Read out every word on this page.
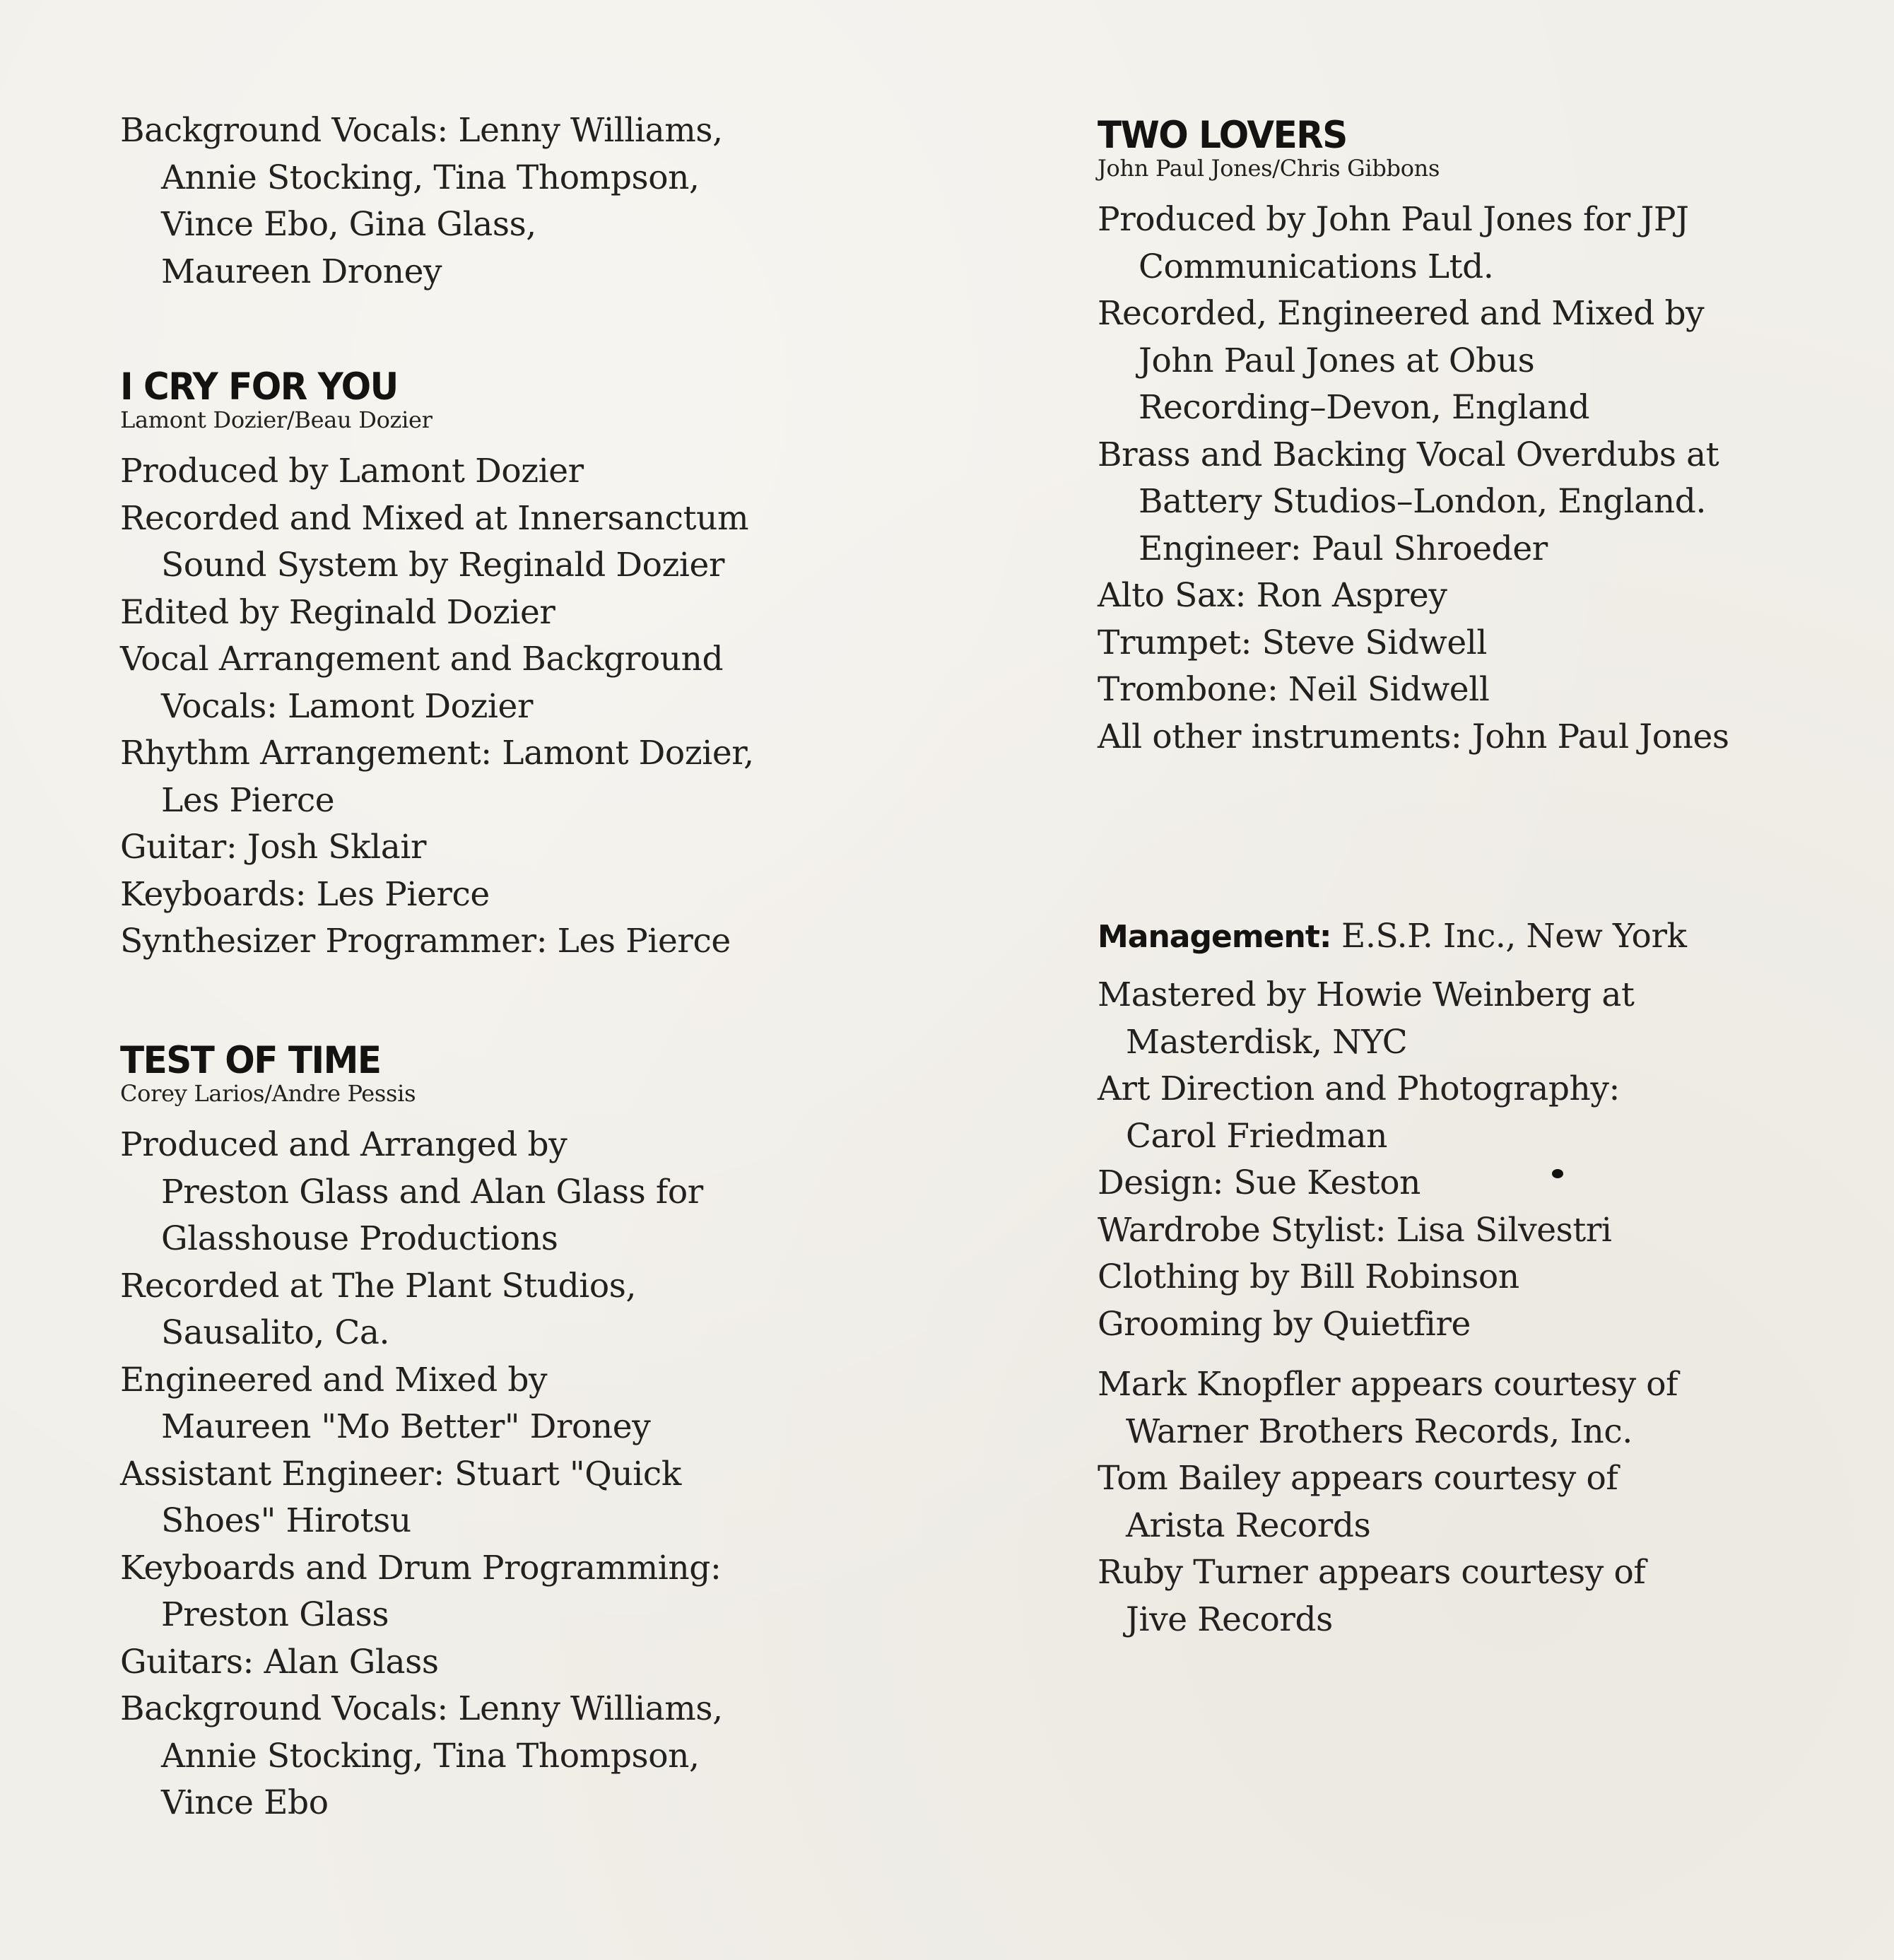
Background Vocals: Lenny Williams,
Annie Stocking, Tina Thompson,
Vince Ebo, Gina Glass,
Maureen Droney
I CRY FOR YOU
Lamont Dozier/Beau Dozier
Produced by Lamont Dozier
Recorded and Mixed at Innersanctum
Sound System by Reginald Dozier
Edited by Reginald Dozier
Vocal Arrangement and Background
Vocals: Lamont Dozier
Rhythm Arrangement: Lamont Dozier,
Les Pierce
Guitar: Josh Sklair
Keyboards: Les Pierce
Synthesizer Programmer: Les Pierce
TEST OF TIME
Corey Larios/Andre Pessis
Produced and Arranged by
Preston Glass and Alan Glass for
Glasshouse Productions
Recorded at The Plant Studios,
Sausalito, Ca.
Engineered and Mixed by
Maureen "Mo Better" Droney
Assistant Engineer: Stuart "Quick
Shoes" Hirotsu
Keyboards and Drum Programming:
Preston Glass
Guitars: Alan Glass
Background Vocals: Lenny Williams,
Annie Stocking, Tina Thompson,
Vince Ebo
TWO LOVERS
John Paul Jones/Chris Gibbons
Produced by John Paul Jones for JPJ
Communications Ltd.
Recorded, Engineered and Mixed by
John Paul Jones at Obus
Recording–Devon, England
Brass and Backing Vocal Overdubs at
Battery Studios–London, England.
Engineer: Paul Shroeder
Alto Sax: Ron Asprey
Trumpet: Steve Sidwell
Trombone: Neil Sidwell
All other instruments: John Paul Jones
Management: E.S.P. Inc., New York
Mastered by Howie Weinberg at
Masterdisk, NYC
Art Direction and Photography:
Carol Friedman
Design: Sue Keston
Wardrobe Stylist: Lisa Silvestri
Clothing by Bill Robinson
Grooming by Quietfire
Mark Knopfler appears courtesy of
Warner Brothers Records, Inc.
Tom Bailey appears courtesy of
Arista Records
Ruby Turner appears courtesy of
Jive Records
